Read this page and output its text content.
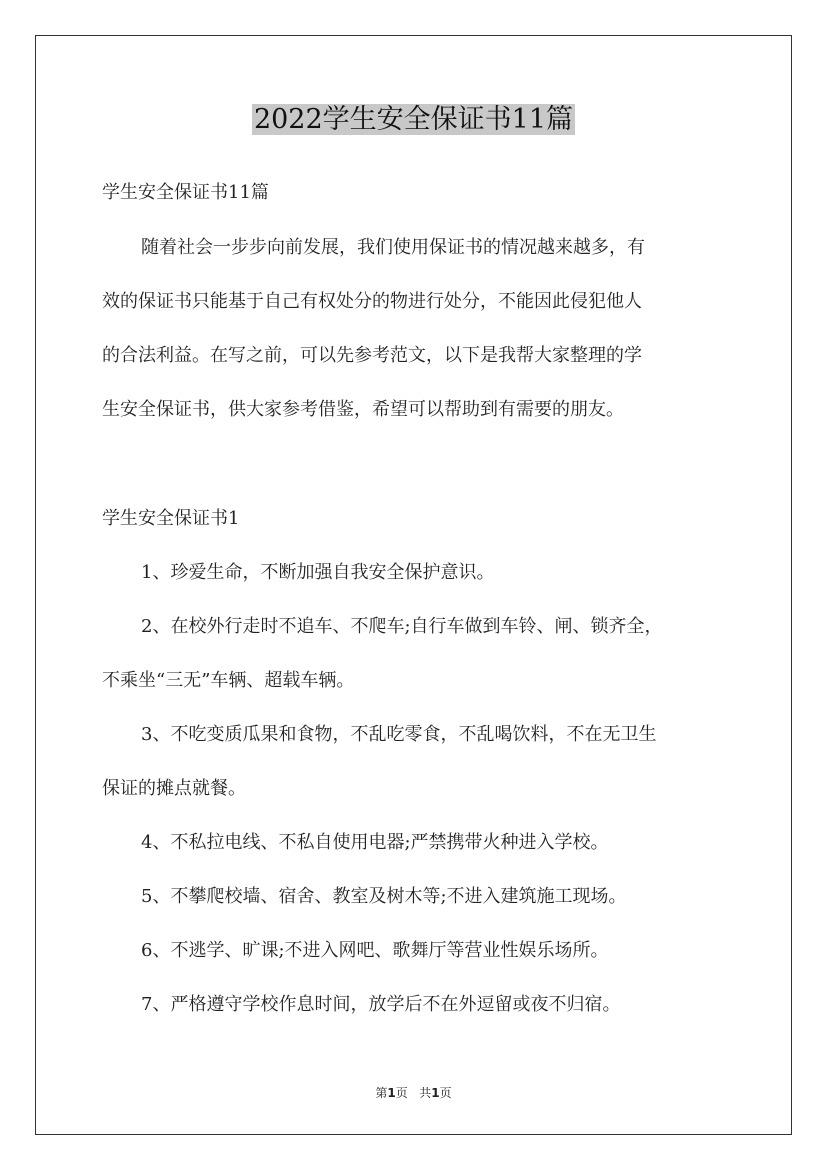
2022学生安全保证书11篇
学生安全保证书11篇
随着社会一步步向前发展，我们使用保证书的情况越来越多，有
效的保证书只能基于自己有权处分的物进行处分，不能因此侵犯他人
的合法利益。在写之前，可以先参考范文，以下是我帮大家整理的学
生安全保证书，供大家参考借鉴，希望可以帮助到有需要的朋友。
学生安全保证书1
1、珍爱生命，不断加强自我安全保护意识。
2、在校外行走时不追车、不爬车;自行车做到车铃、闸、锁齐全，
不乘坐“三无”车辆、超载车辆。
3、不吃变质瓜果和食物，不乱吃零食，不乱喝饮料，不在无卫生
保证的摊点就餐。
4、不私拉电线、不私自使用电器;严禁携带火种进入学校。
5、不攀爬校墙、宿舍、教室及树木等;不进入建筑施工现场。
6、不逃学、旷课;不进入网吧、歌舞厅等营业性娱乐场所。
7、严格遵守学校作息时间，放学后不在外逗留或夜不归宿。
第1页 共1页
